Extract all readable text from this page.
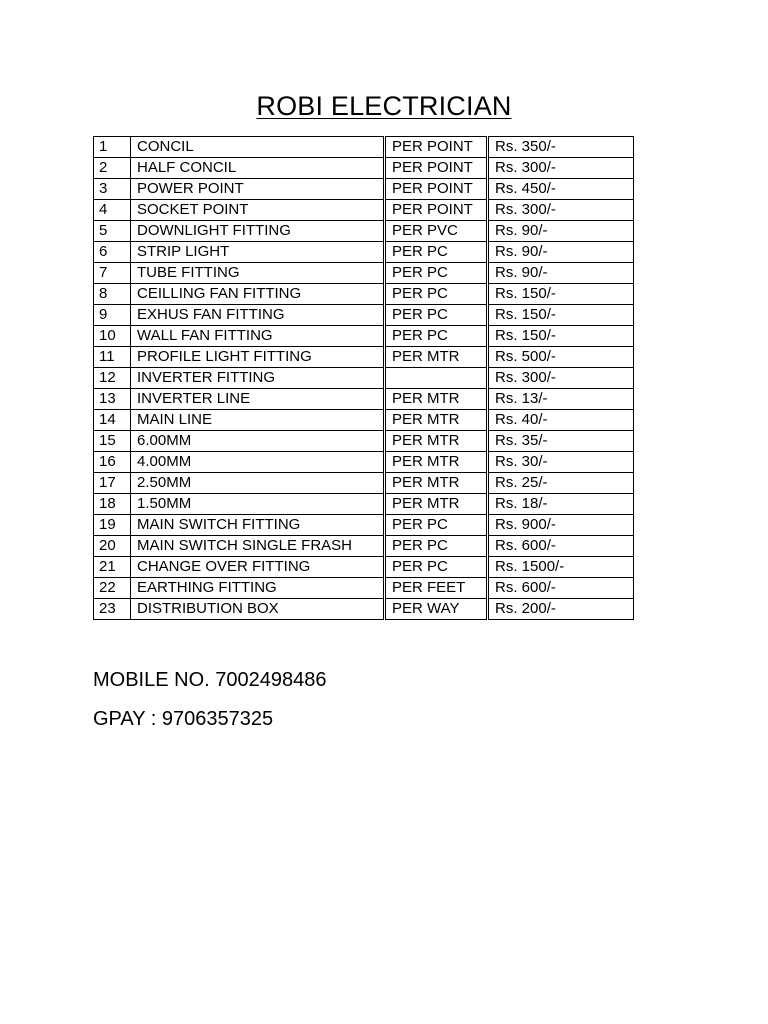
ROBI ELECTRICIAN
1	CONCIL	PER POINT	Rs. 350/-
2	HALF CONCIL	PER POINT	Rs. 300/-
3	POWER POINT	PER POINT	Rs. 450/-
4	SOCKET POINT	PER POINT	Rs. 300/-
5	DOWNLIGHT FITTING	PER PVC	Rs. 90/-
6	STRIP LIGHT	PER PC	Rs. 90/-
7	TUBE FITTING	PER PC	Rs. 90/-
8	CEILLING FAN FITTING	PER PC	Rs. 150/-
9	EXHUS FAN FITTING	PER PC	Rs. 150/-
10	WALL FAN FITTING	PER PC	Rs. 150/-
11	PROFILE LIGHT FITTING	PER MTR	Rs. 500/-
12	INVERTER FITTING		Rs. 300/-
13	INVERTER LINE	PER MTR	Rs. 13/-
14	MAIN LINE	PER MTR	Rs. 40/-
15	6.00MM	PER MTR	Rs. 35/-
16	4.00MM	PER MTR	Rs. 30/-
17	2.50MM	PER MTR	Rs. 25/-
18	1.50MM	PER MTR	Rs. 18/-
19	MAIN SWITCH FITTING	PER PC	Rs. 900/-
20	MAIN SWITCH SINGLE FRASH	PER PC	Rs. 600/-
21	CHANGE OVER FITTING	PER PC	Rs. 1500/-
22	EARTHING FITTING	PER FEET	Rs. 600/-
23	DISTRIBUTION BOX	PER WAY	Rs. 200/-
MOBILE NO. 7002498486
GPAY : 9706357325
